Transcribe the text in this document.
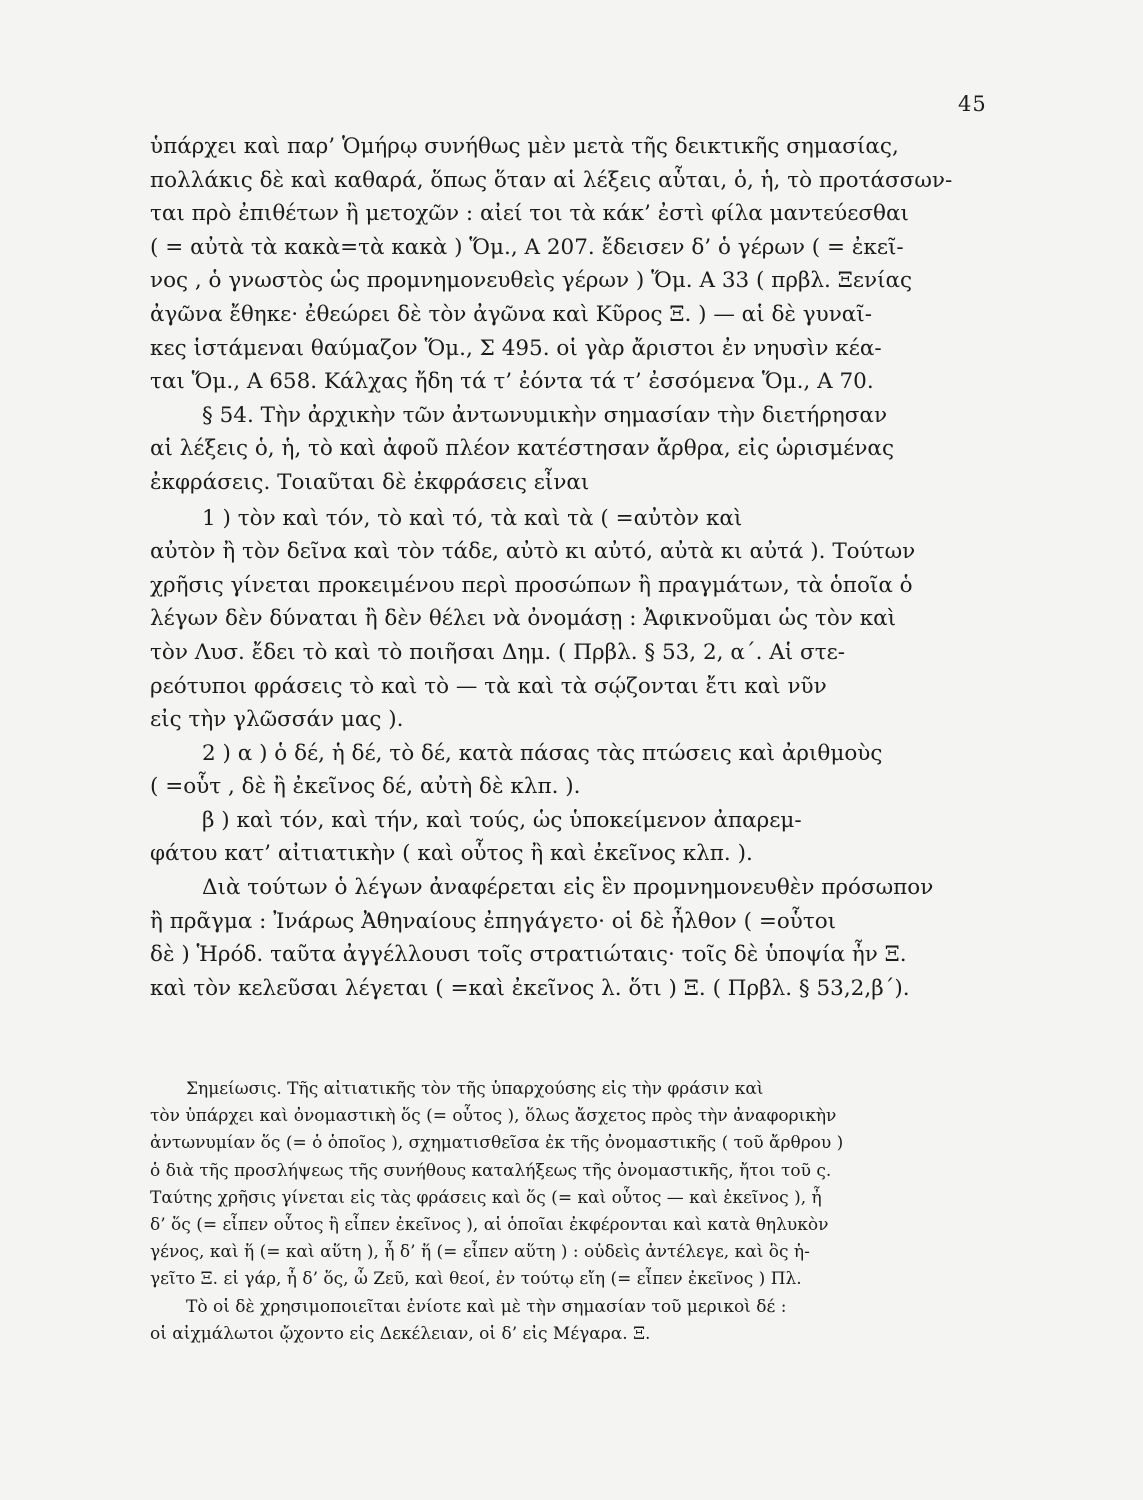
45
ὑπάρχει καὶ παρ’ Ὁμήρῳ συνήθως μὲν μετὰ τῆς δεικτικῆς σημασίας,
πολλάκις δὲ καὶ καθαρά, ὅπως ὅταν αἱ λέξεις αὗται, ὁ, ἡ, τὸ προτάσσων-
ται πρὸ ἐπιθέτων ἢ μετοχῶν : αἰεί τοι τὰ κάκ’ ἐστὶ φίλα μαντεύεσθαι
( = αὐτὰ τὰ κακὰ=τὰ κακὰ ) Ὅμ., Α 207. ἔδεισεν δ’ ὁ γέρων ( = ἐκεῖ-
νος , ὁ γνωστὸς ὡς προμνημονευθεὶς γέρων ) Ὅμ. Α 33 ( πρβλ. Ξενίας
ἀγῶνα ἔθηκε· ἐθεώρει δὲ τὸν ἀγῶνα καὶ Κῦρος Ξ. ) — αἱ δὲ γυναῖ-
κες ἱστάμεναι θαύμαζον Ὅμ., Σ 495. οἱ γὰρ ἄριστοι ἐν νηυσὶν κέα-
ται Ὅμ., Α 658. Κάλχας ἤδη τά τ’ ἐόντα τά τ’ ἐσσόμενα Ὅμ., Α 70.
§ 54. Τὴν ἀρχικὴν τῶν ἀντωνυμικὴν σημασίαν τὴν διετήρησαν
αἱ λέξεις ὁ, ἡ, τὸ καὶ ἀφοῦ πλέον κατέστησαν ἄρθρα, εἰς ὡρισμένας
ἐκφράσεις. Τοιαῦται δὲ ἐκφράσεις εἶναι
1 ) τὸν καὶ τόν, τὸ καὶ τό, τὰ καὶ τὰ ( =αὐτὸν καὶ
αὐτὸν ἢ τὸν δεῖνα καὶ τὸν τάδε, αὐτὸ κι αὐτό, αὐτὰ κι αὐτά ). Τούτων
χρῆσις γίνεται προκειμένου περὶ προσώπων ἢ πραγμάτων, τὰ ὁποῖα ὁ
λέγων δὲν δύναται ἢ δὲν θέλει νὰ ὀνομάσῃ : Ἀφικνοῦμαι ὡς τὸν καὶ
τὸν Λυσ. ἔδει τὸ καὶ τὸ ποιῆσαι Δημ. ( Πρβλ. § 53, 2, α΄. Αἱ στε-
ρεότυποι φράσεις τὸ καὶ τὸ — τὰ καὶ τὰ σῴζονται ἔτι καὶ νῦν
εἰς τὴν γλῶσσάν μας ).
2 ) α ) ὁ δέ, ἡ δέ, τὸ δέ, κατὰ πάσας τὰς πτώσεις καὶ ἀριθμοὺς
( =οὗτ , δὲ ἢ ἐκεῖνος δέ, αὐτὴ δὲ κλπ. ).
β ) καὶ τόν, καὶ τήν, καὶ τούς, ὡς ὑποκείμενον ἀπαρεμ-
φάτου κατ’ αἰτιατικὴν ( καὶ οὗτος ἢ καὶ ἐκεῖνος κλπ. ).
Διὰ τούτων ὁ λέγων ἀναφέρεται εἰς ἓν προμνημονευθὲν πρόσωπον
ἢ πρᾶγμα : Ἰνάρως Ἀθηναίους ἐπηγάγετο· οἱ δὲ ἦλθον ( =οὗτοι
δὲ ) Ἡρόδ. ταῦτα ἀγγέλλουσι τοῖς στρατιώταις· τοῖς δὲ ὑποψία ἦν Ξ.
καὶ τὸν κελεῦσαι λέγεται ( =καὶ ἐκεῖνος λ. ὅτι ) Ξ. ( Πρβλ. § 53,2,β΄).
Σημείωσις. Τῆς αἰτιατικῆς τὸν τῆς ὑπαρχούσης εἰς τὴν φράσιν καὶ
τὸν ὑπάρχει καὶ ὀνομαστικὴ ὅς (= οὗτος ), ὅλως ἄσχετος πρὸς τὴν ἀναφορικὴν
ἀντωνυμίαν ὅς (= ὁ ὁποῖος ), σχηματισθεῖσα ἐκ τῆς ὀνομαστικῆς ( τοῦ ἄρθρου )
ὁ διὰ τῆς προσλήψεως τῆς συνήθους καταλήξεως τῆς ὀνομαστικῆς, ἤτοι τοῦ ς.
Ταύτης χρῆσις γίνεται εἰς τὰς φράσεις καὶ ὅς (= καὶ οὗτος — καὶ ἐκεῖνος ), ἦ
δ’ ὅς (= εἶπεν οὗτος ἢ εἶπεν ἐκεῖνος ), αἱ ὁποῖαι ἐκφέρονται καὶ κατὰ θηλυκὸν
γένος, καὶ ἥ (= καὶ αὕτη ), ἦ δ’ ἥ (= εἶπεν αὕτη ) : οὐδεὶς ἀντέλεγε, καὶ ὃς ἡ-
γεῖτο Ξ. εἰ γάρ, ἦ δ’ ὅς, ὦ Ζεῦ, καὶ θεοί, ἐν τούτῳ εἴη (= εἶπεν ἐκεῖνος ) Πλ.
Τὸ οἱ δὲ χρησιμοποιεῖται ἐνίοτε καὶ μὲ τὴν σημασίαν τοῦ μερικοὶ δέ :
οἱ αἰχμάλωτοι ᾤχοντο εἰς Δεκέλειαν, οἱ δ’ εἰς Μέγαρα. Ξ.
